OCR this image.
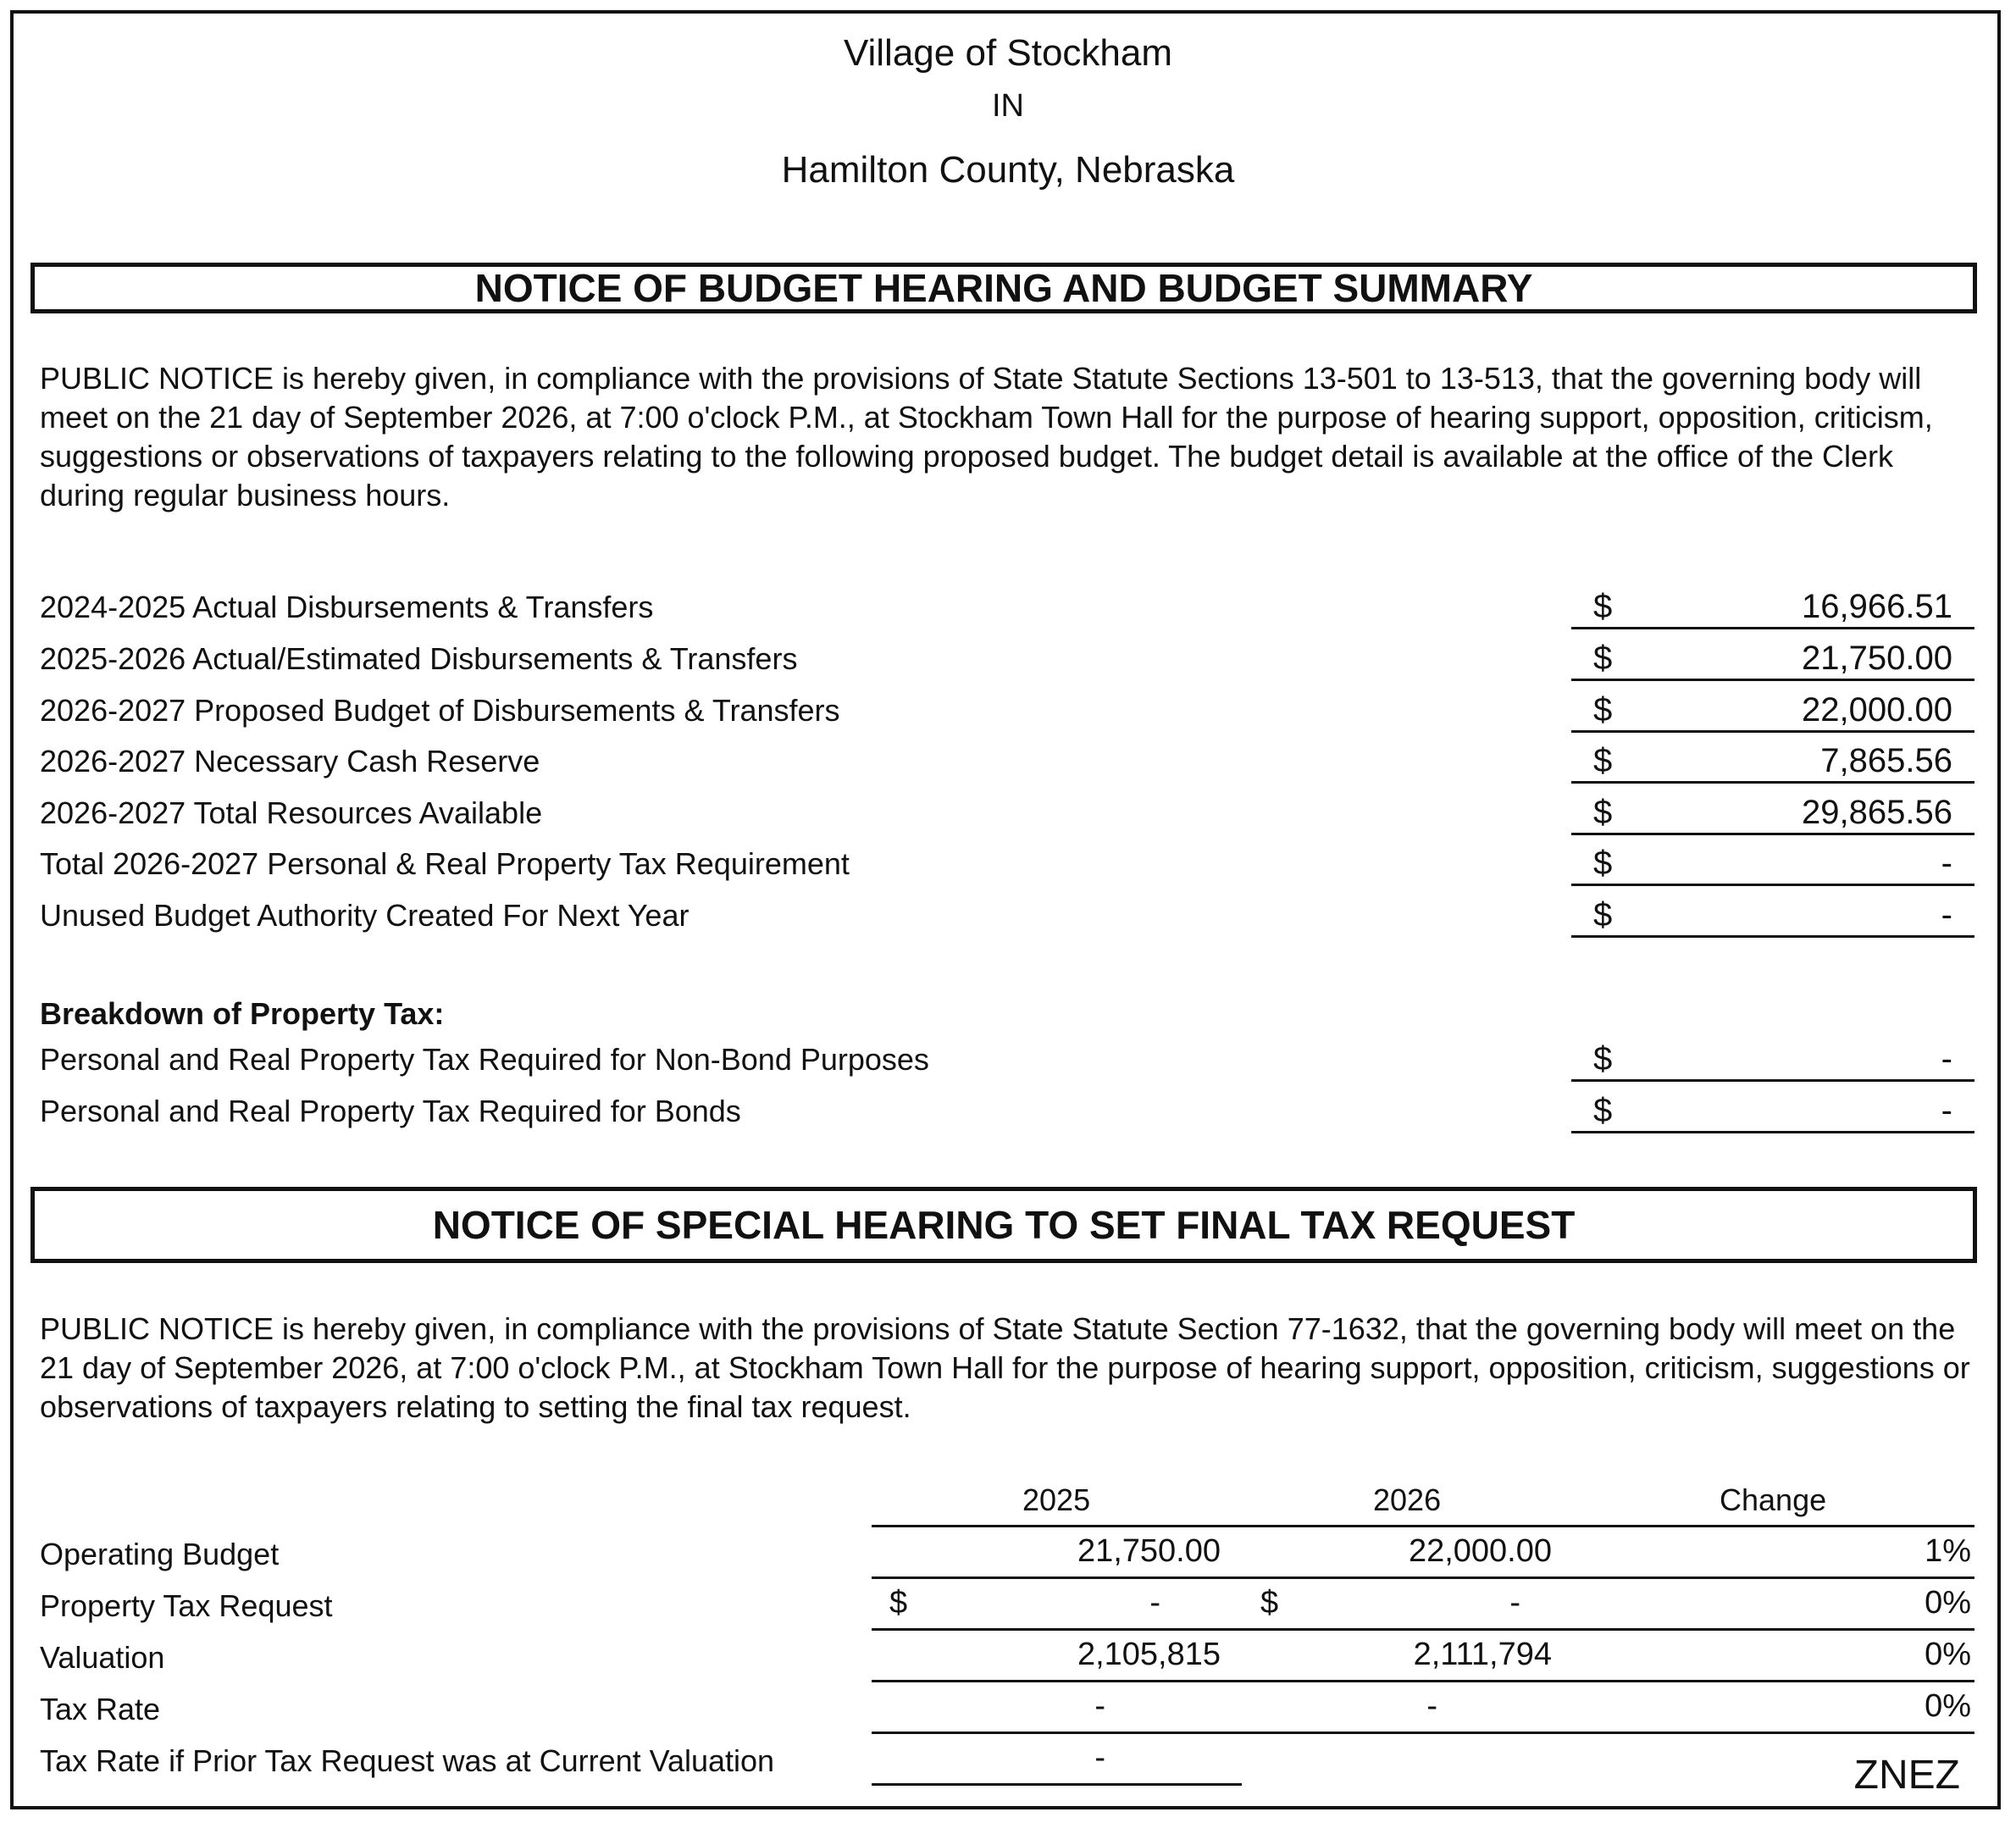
Village of Stockham
IN
Hamilton County, Nebraska
NOTICE OF BUDGET HEARING AND BUDGET SUMMARY
PUBLIC NOTICE is hereby given, in compliance with the provisions of State Statute Sections 13-501 to 13-513, that the governing body will meet on the 21 day of September 2026, at 7:00 o'clock P.M., at Stockham Town Hall for the purpose of hearing support, opposition, criticism, suggestions or observations of taxpayers relating to the following proposed budget. The budget detail is available at the office of the Clerk during regular business hours.
2024-2025 Actual Disbursements & Transfers	$	16,966.51
2025-2026 Actual/Estimated Disbursements & Transfers	$	21,750.00
2026-2027 Proposed Budget of Disbursements & Transfers	$	22,000.00
2026-2027 Necessary Cash Reserve	$	7,865.56
2026-2027 Total Resources Available	$	29,865.56
Total 2026-2027 Personal & Real Property Tax Requirement	$	-
Unused Budget Authority Created For Next Year	$	-
Breakdown of Property Tax:
Personal and Real Property Tax Required for Non-Bond Purposes	$	-
Personal and Real Property Tax Required for Bonds	$	-
NOTICE OF SPECIAL HEARING TO SET FINAL TAX REQUEST
PUBLIC NOTICE is hereby given, in compliance with the provisions of State Statute Section 77-1632, that the governing body will meet on the 21 day of September 2026, at 7:00 o'clock P.M., at Stockham Town Hall for the purpose of hearing support, opposition, criticism, suggestions or observations of taxpayers relating to setting the final tax request.
2025	2026	Change
Operating Budget	21,750.00	22,000.00	1%
Property Tax Request	$	-	$	-	0%
Valuation	2,105,815	2,111,794	0%
Tax Rate	-	-	0%
Tax Rate if Prior Tax Request was at Current Valuation	-	ZNEZ
